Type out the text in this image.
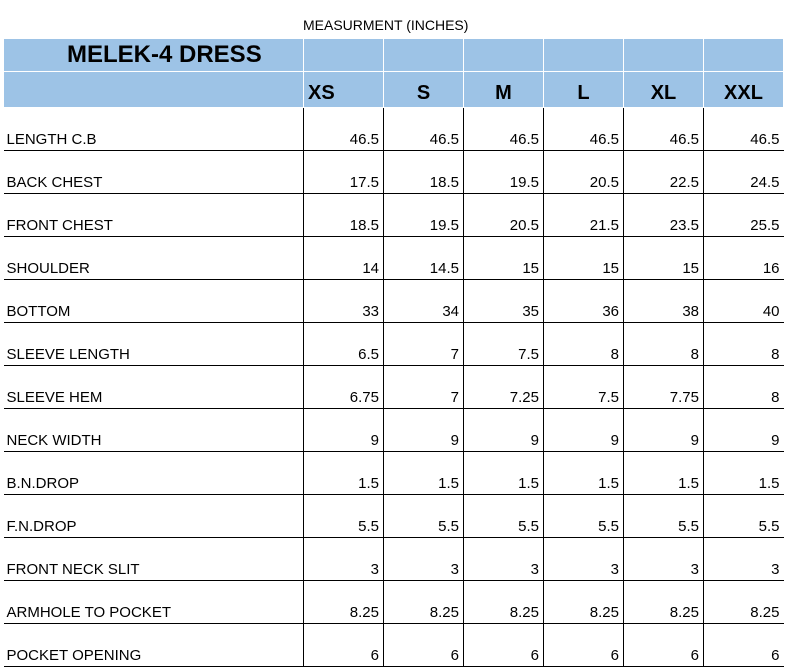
MEASURMENT (INCHES)
MELEK-4 DRESS						
	XS	S	M	L	XL	XXL
LENGTH C.B	46.5	46.5	46.5	46.5	46.5	46.5
BACK CHEST	17.5	18.5	19.5	20.5	22.5	24.5
FRONT CHEST	18.5	19.5	20.5	21.5	23.5	25.5
SHOULDER	14	14.5	15	15	15	16
BOTTOM	33	34	35	36	38	40
SLEEVE LENGTH	6.5	7	7.5	8	8	8
SLEEVE HEM	6.75	7	7.25	7.5	7.75	8
NECK WIDTH	9	9	9	9	9	9
B.N.DROP	1.5	1.5	1.5	1.5	1.5	1.5
F.N.DROP	5.5	5.5	5.5	5.5	5.5	5.5
FRONT NECK SLIT	3	3	3	3	3	3
ARMHOLE TO POCKET	8.25	8.25	8.25	8.25	8.25	8.25
POCKET OPENING	6	6	6	6	6	6
